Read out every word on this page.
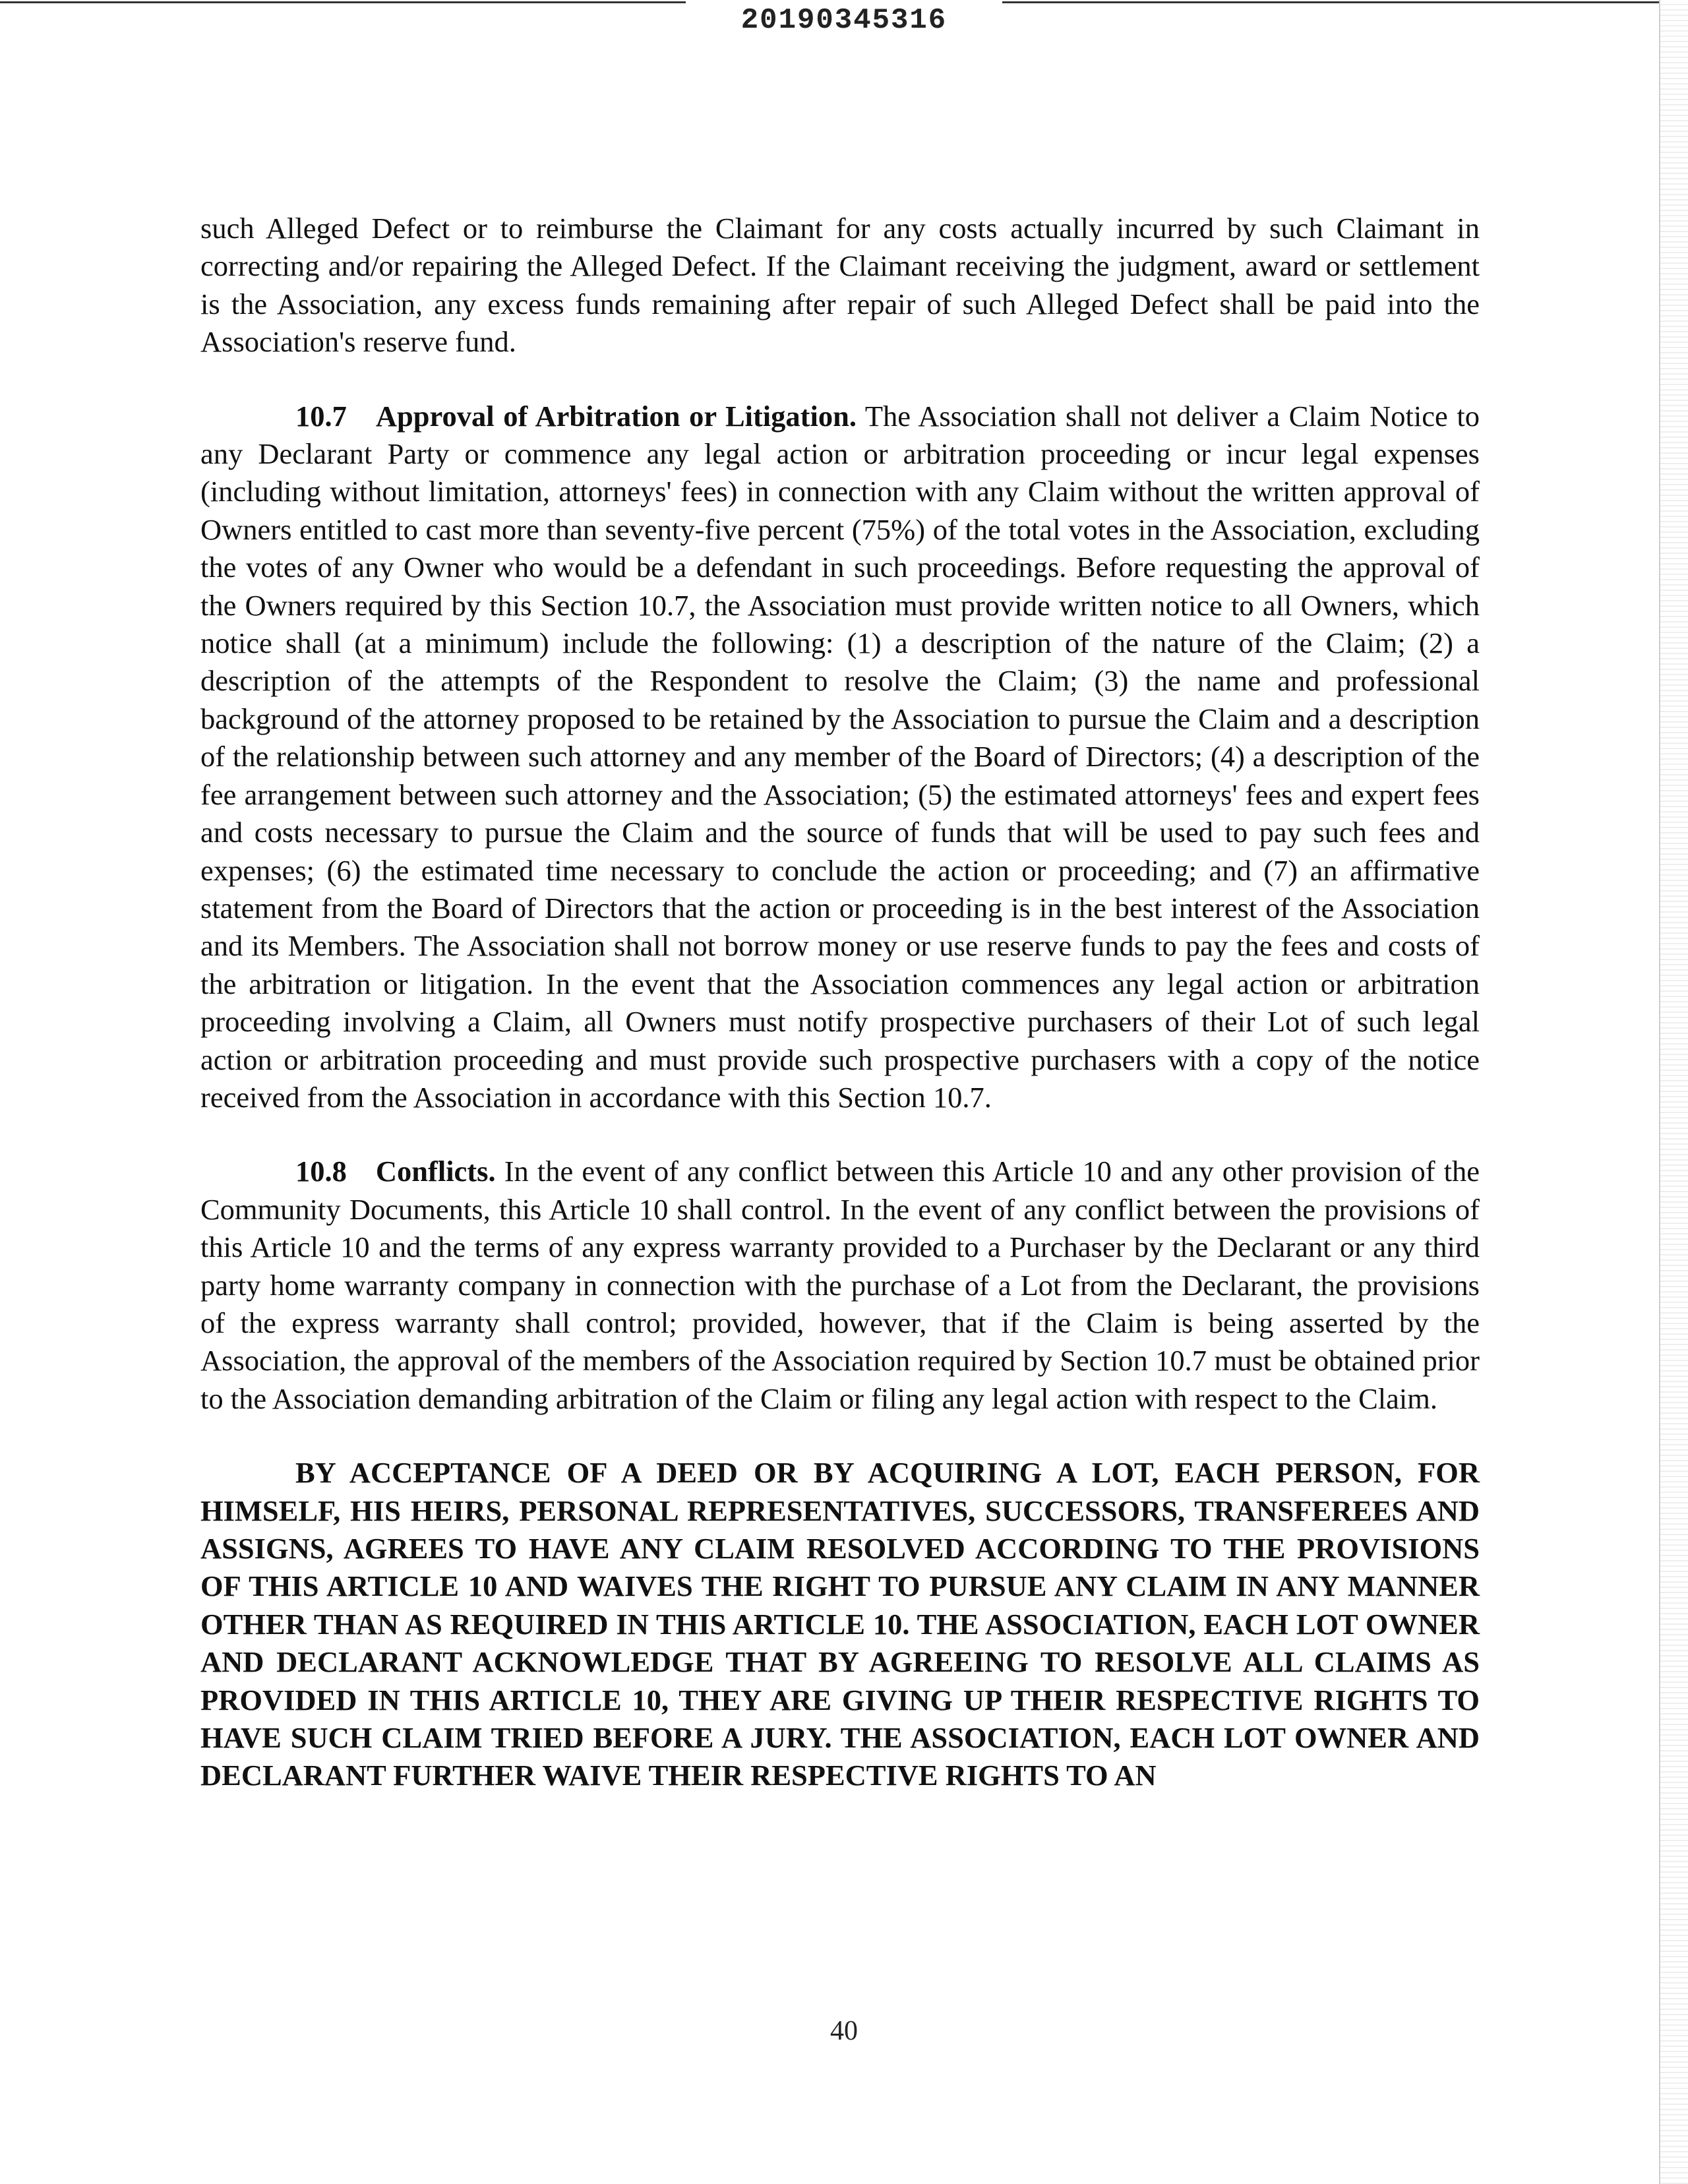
20190345316

such Alleged Defect or to reimburse the Claimant for any costs actually incurred by such Claimant in correcting and/or repairing the Alleged Defect. If the Claimant receiving the judgment, award or settlement is the Association, any excess funds remaining after repair of such Alleged Defect shall be paid into the Association's reserve fund.

10.7 Approval of Arbitration or Litigation. The Association shall not deliver a Claim Notice to any Declarant Party or commence any legal action or arbitration proceeding or incur legal expenses (including without limitation, attorneys' fees) in connection with any Claim without the written approval of Owners entitled to cast more than seventy-five percent (75%) of the total votes in the Association, excluding the votes of any Owner who would be a defendant in such proceedings. Before requesting the approval of the Owners required by this Section 10.7, the Association must provide written notice to all Owners, which notice shall (at a minimum) include the following: (1) a description of the nature of the Claim; (2) a description of the attempts of the Respondent to resolve the Claim; (3) the name and professional background of the attorney proposed to be retained by the Association to pursue the Claim and a description of the relationship between such attorney and any member of the Board of Directors; (4) a description of the fee arrangement between such attorney and the Association; (5) the estimated attorneys' fees and expert fees and costs necessary to pursue the Claim and the source of funds that will be used to pay such fees and expenses; (6) the estimated time necessary to conclude the action or proceeding; and (7) an affirmative statement from the Board of Directors that the action or proceeding is in the best interest of the Association and its Members. The Association shall not borrow money or use reserve funds to pay the fees and costs of the arbitration or litigation. In the event that the Association commences any legal action or arbitration proceeding involving a Claim, all Owners must notify prospective purchasers of their Lot of such legal action or arbitration proceeding and must provide such prospective purchasers with a copy of the notice received from the Association in accordance with this Section 10.7.

10.8 Conflicts. In the event of any conflict between this Article 10 and any other provision of the Community Documents, this Article 10 shall control. In the event of any conflict between the provisions of this Article 10 and the terms of any express warranty provided to a Purchaser by the Declarant or any third party home warranty company in connection with the purchase of a Lot from the Declarant, the provisions of the express warranty shall control; provided, however, that if the Claim is being asserted by the Association, the approval of the members of the Association required by Section 10.7 must be obtained prior to the Association demanding arbitration of the Claim or filing any legal action with respect to the Claim.

BY ACCEPTANCE OF A DEED OR BY ACQUIRING A LOT, EACH PERSON, FOR HIMSELF, HIS HEIRS, PERSONAL REPRESENTATIVES, SUCCESSORS, TRANSFEREES AND ASSIGNS, AGREES TO HAVE ANY CLAIM RESOLVED ACCORDING TO THE PROVISIONS OF THIS ARTICLE 10 AND WAIVES THE RIGHT TO PURSUE ANY CLAIM IN ANY MANNER OTHER THAN AS REQUIRED IN THIS ARTICLE 10. THE ASSOCIATION, EACH LOT OWNER AND DECLARANT ACKNOWLEDGE THAT BY AGREEING TO RESOLVE ALL CLAIMS AS PROVIDED IN THIS ARTICLE 10, THEY ARE GIVING UP THEIR RESPECTIVE RIGHTS TO HAVE SUCH CLAIM TRIED BEFORE A JURY. THE ASSOCIATION, EACH LOT OWNER AND DECLARANT FURTHER WAIVE THEIR RESPECTIVE RIGHTS TO AN

40
